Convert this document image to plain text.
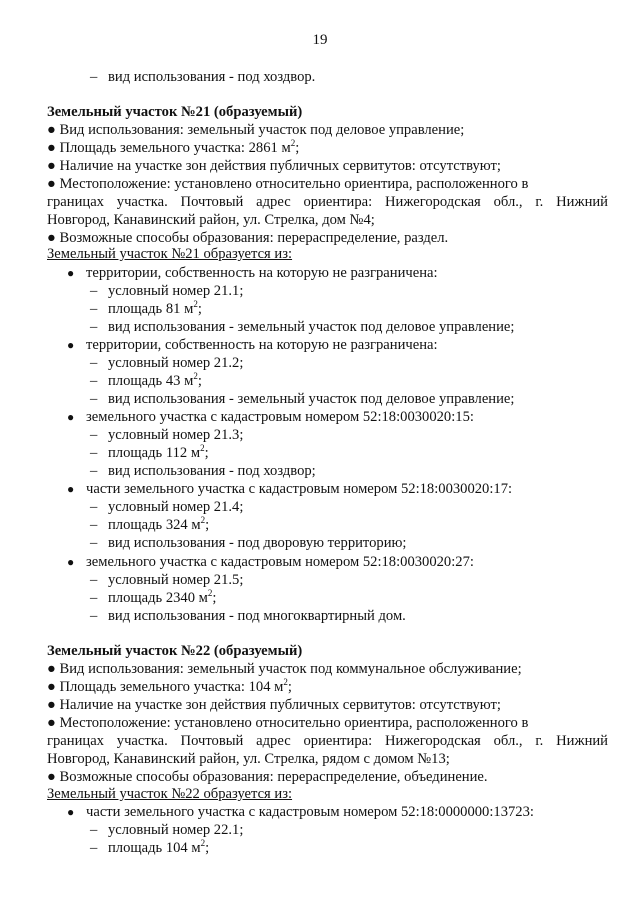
19
– вид использования - под хоздвор.
Земельный участок №21 (образуемый)
● Вид использования: земельный участок под деловое управление;
● Площадь земельного участка: 2861 $м^2$;
● Наличие на участке зон действия публичных сервитутов: отсутствуют;
● Местоположение: установлено относительно ориентира, расположенного в
границах участка. Почтовый адрес ориентира: Нижегородская обл., г. Нижний
Новгород, Канавинский район, ул. Стрелка, дом №4;
● Возможные способы образования: перераспределение, раздел.
Земельный участок №21 образуется из:
● территории, собственность на которую не разграничена:
– условный номер 21.1;
– площадь 81 $м^2$;
– вид использования - земельный участок под деловое управление;
● территории, собственность на которую не разграничена:
– условный номер 21.2;
– площадь 43 $м^2$;
– вид использования - земельный участок под деловое управление;
● земельного участка с кадастровым номером 52:18:0030020:15:
– условный номер 21.3;
– площадь 112 $м^2$;
– вид использования - под хоздвор;
● части земельного участка с кадастровым номером 52:18:0030020:17:
– условный номер 21.4;
– площадь 324 $м^2$;
– вид использования - под дворовую территорию;
● земельного участка с кадастровым номером 52:18:0030020:27:
– условный номер 21.5;
– площадь 2340 $м^2$;
– вид использования - под многоквартирный дом.
Земельный участок №22 (образуемый)
● Вид использования: земельный участок под коммунальное обслуживание;
● Площадь земельного участка: 104 $м^2$;
● Наличие на участке зон действия публичных сервитутов: отсутствуют;
● Местоположение: установлено относительно ориентира, расположенного в
границах участка. Почтовый адрес ориентира: Нижегородская обл., г. Нижний
Новгород, Канавинский район, ул. Стрелка, рядом с домом №13;
● Возможные способы образования: перераспределение, объединение.
Земельный участок №22 образуется из:
● части земельного участка с кадастровым номером 52:18:0000000:13723:
– условный номер 22.1;
– площадь 104 $м^2$;
